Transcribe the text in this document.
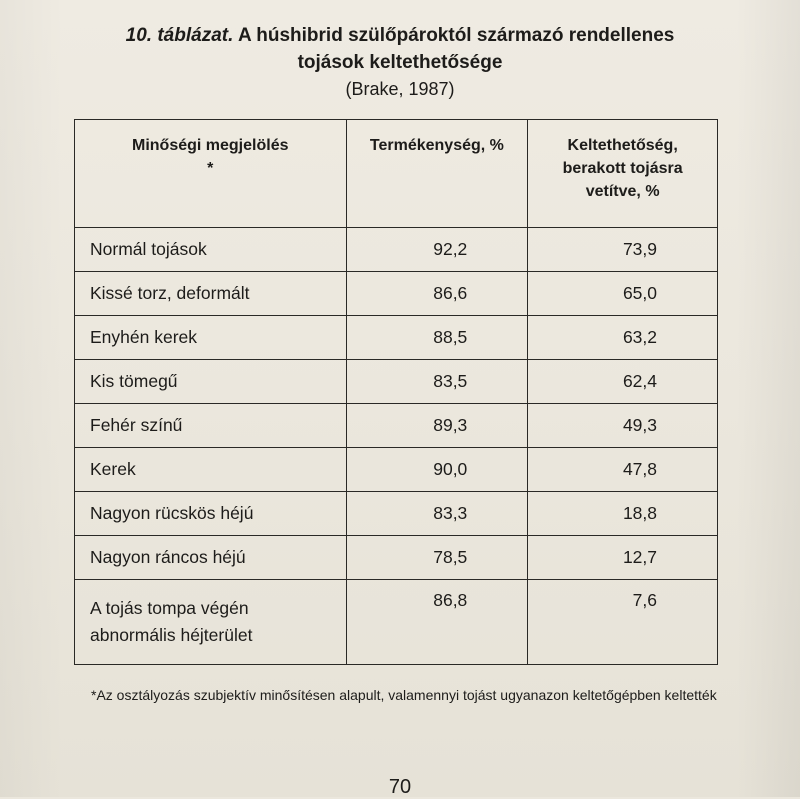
10. táblázat. A húshibrid szülőpároktól származó rendellenes
tojások keltethetősége
(Brake, 1987)
Minőségi megjelölés *	Termékenység, %	Keltethetőség, berakott tojásra vetítve, %
Normál tojások	92,2	73,9
Kissé torz, deformált	86,6	65,0
Enyhén kerek	88,5	63,2
Kis tömegű	83,5	62,4
Fehér színű	89,3	49,3
Kerek	90,0	47,8
Nagyon rücskös héjú	83,3	18,8
Nagyon ráncos héjú	78,5	12,7
A tojás tompa végén abnormális héjterület	86,8	7,6
*Az osztályozás szubjektív minősítésen alapult, valamennyi tojást ugyanazon keltetőgépben keltették
70
